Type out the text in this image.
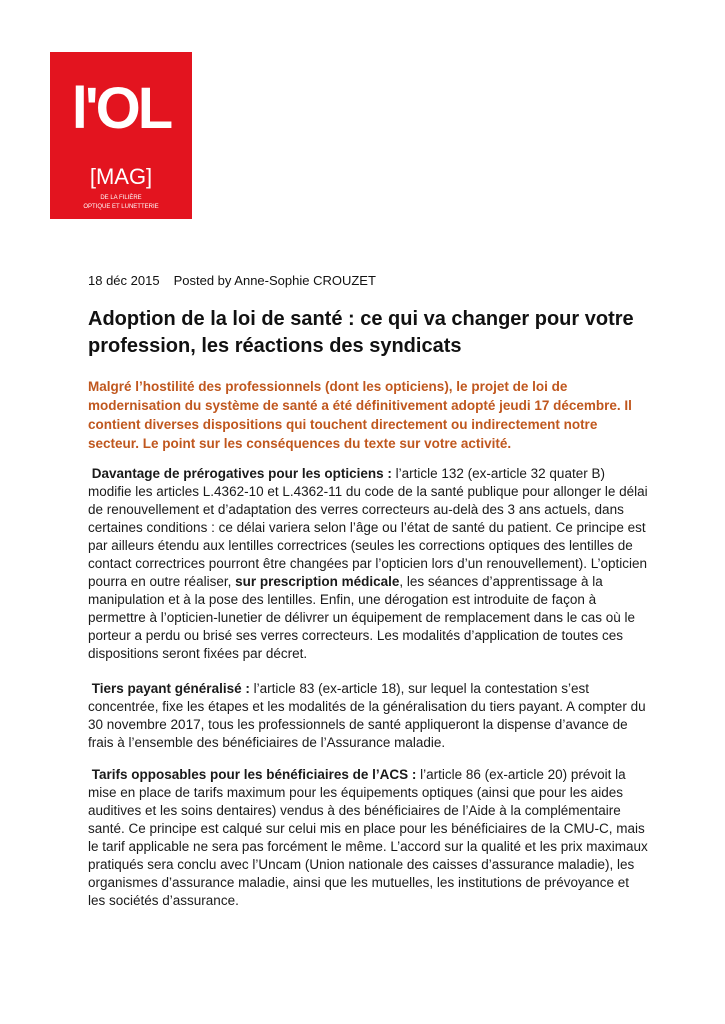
l'OL
[MAG]
DE LA FILIÈRE
OPTIQUE ET LUNETTERIE
18 déc 2015 Posted by Anne-Sophie CROUZET
Adoption de la loi de santé : ce qui va changer pour votre profession, les réactions des syndicats

Malgré l’hostilité des professionnels (dont les opticiens), le projet de loi de modernisation du système de santé a été définitivement adopté jeudi 17 décembre. Il contient diverses dispositions qui touchent directement ou indirectement notre secteur. Le point sur les conséquences du texte sur votre activité.

Davantage de prérogatives pour les opticiens : l’article 132 (ex-article 32 quater B) modifie les articles L.4362-10 et L.4362-11 du code de la santé publique pour allonger le délai de renouvellement et d’adaptation des verres correcteurs au-delà des 3 ans actuels, dans certaines conditions : ce délai variera selon l’âge ou l’état de santé du patient. Ce principe est par ailleurs étendu aux lentilles correctrices (seules les corrections optiques des lentilles de contact correctrices pourront être changées par l’opticien lors d’un renouvellement). L’opticien pourra en outre réaliser, sur prescription médicale, les séances d’apprentissage à la manipulation et à la pose des lentilles. Enfin, une dérogation est introduite de façon à permettre à l’opticien-lunetier de délivrer un équipement de remplacement dans le cas où le porteur a perdu ou brisé ses verres correcteurs. Les modalités d’application de toutes ces dispositions seront fixées par décret.

Tiers payant généralisé : l’article 83 (ex-article 18), sur lequel la contestation s’est concentrée, fixe les étapes et les modalités de la généralisation du tiers payant. A compter du 30 novembre 2017, tous les professionnels de santé appliqueront la dispense d’avance de frais à l’ensemble des bénéficiaires de l’Assurance maladie.

Tarifs opposables pour les bénéficiaires de l’ACS : l’article 86 (ex-article 20) prévoit la mise en place de tarifs maximum pour les équipements optiques (ainsi que pour les aides auditives et les soins dentaires) vendus à des bénéficiaires de l’Aide à la complémentaire santé. Ce principe est calqué sur celui mis en place pour les bénéficiaires de la CMU-C, mais le tarif applicable ne sera pas forcément le même. L’accord sur la qualité et les prix maximaux pratiqués sera conclu avec l’Uncam (Union nationale des caisses d’assurance maladie), les organismes d’assurance maladie, ainsi que les mutuelles, les institutions de prévoyance et les sociétés d’assurance.
